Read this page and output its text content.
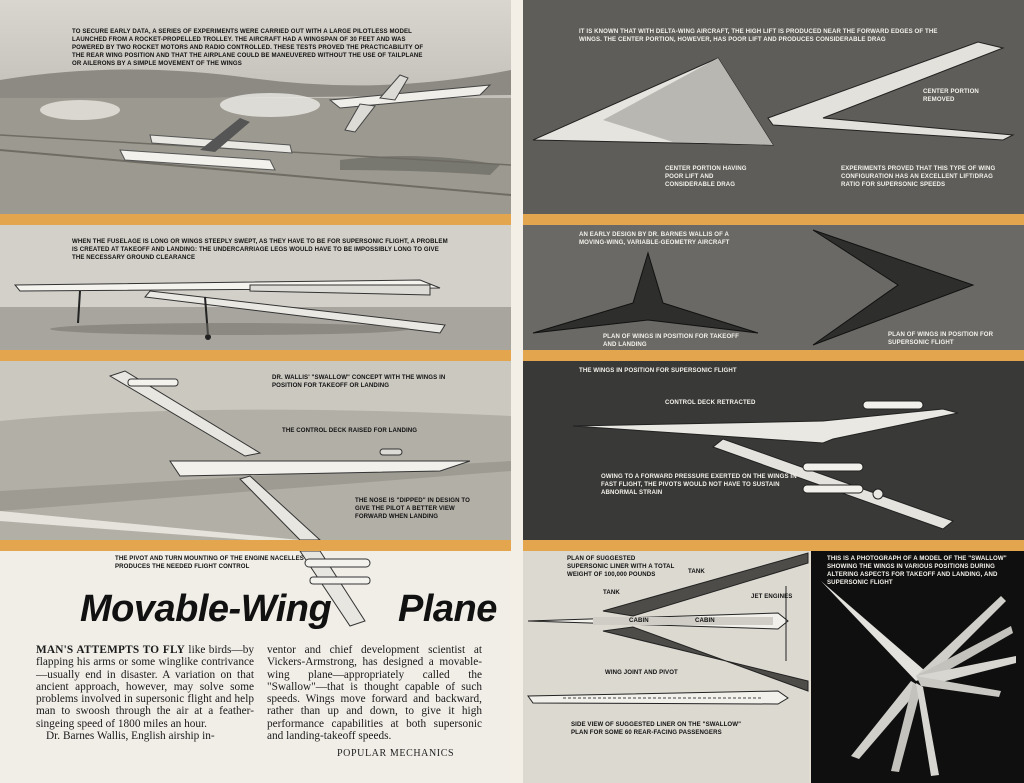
TO SECURE EARLY DATA, A SERIES OF EXPERIMENTS WERE CARRIED OUT WITH A LARGE PILOTLESS MODEL LAUNCHED FROM A ROCKET-PROPELLED TROLLEY. THE AIRCRAFT HAD A WINGSPAN OF 30 FEET AND WAS POWERED BY TWO ROCKET MOTORS AND RADIO CONTROLLED. THESE TESTS PROVED THE PRACTICABILITY OF THE REAR WING POSITION AND THAT THE AIRPLANE COULD BE MANEUVERED WITHOUT THE USE OF TAILPLANE OR AILERONS BY A SIMPLE MOVEMENT OF THE WINGS
WHEN THE FUSELAGE IS LONG OR WINGS STEEPLY SWEPT, AS THEY HAVE TO BE FOR SUPERSONIC FLIGHT, A PROBLEM IS CREATED AT TAKEOFF AND LANDING: THE UNDERCARRIAGE LEGS WOULD HAVE TO BE IMPOSSIBLY LONG TO GIVE THE NECESSARY GROUND CLEARANCE
DR. WALLIS' "SWALLOW" CONCEPT WITH THE WINGS IN POSITION FOR TAKEOFF OR LANDING
THE CONTROL DECK RAISED FOR LANDING
THE NOSE IS "DIPPED" IN DESIGN TO GIVE THE PILOT A BETTER VIEW FORWARD WHEN LANDING
THE PIVOT AND TURN MOUNTING OF THE ENGINE NACELLES PRODUCES THE NEEDED FLIGHT CONTROL
Movable-Wing Plane
MAN'S ATTEMPTS TO FLY like birds—by flapping his arms or some winglike contrivance—usually end in disaster. A variation on that ancient approach, however, may solve some problems involved in supersonic flight and help man to swoosh through the air at a feather-singeing speed of 1800 miles an hour.
Dr. Barnes Wallis, English airship in-
ventor and chief development scientist at Vickers-Armstrong, has designed a movable-wing plane—appropriately called the "Swallow"—that is thought capable of such speeds. Wings move forward and backward, rather than up and down, to give it high performance capabilities at both supersonic and landing-takeoff speeds.
POPULAR MECHANICS
IT IS KNOWN THAT WITH DELTA-WING AIRCRAFT, THE HIGH LIFT IS PRODUCED NEAR THE FORWARD EDGES OF THE WINGS. THE CENTER PORTION, HOWEVER, HAS POOR LIFT AND PRODUCES CONSIDERABLE DRAG
CENTER PORTION REMOVED
CENTER PORTION HAVING POOR LIFT AND CONSIDERABLE DRAG
EXPERIMENTS PROVED THAT THIS TYPE OF WING CONFIGURATION HAS AN EXCELLENT LIFT/DRAG RATIO FOR SUPERSONIC SPEEDS
AN EARLY DESIGN BY DR. BARNES WALLIS OF A MOVING-WING, VARIABLE-GEOMETRY AIRCRAFT
PLAN OF WINGS IN POSITION FOR TAKEOFF AND LANDING
PLAN OF WINGS IN POSITION FOR SUPERSONIC FLIGHT
THE WINGS IN POSITION FOR SUPERSONIC FLIGHT
CONTROL DECK RETRACTED
OWING TO A FORWARD PRESSURE EXERTED ON THE WINGS IN FAST FLIGHT, THE PIVOTS WOULD NOT HAVE TO SUSTAIN ABNORMAL STRAIN
PLAN OF SUGGESTED SUPERSONIC LINER WITH A TOTAL WEIGHT OF 100,000 POUNDS
TANK
TANK
JET ENGINES
CABIN	CABIN
WING JOINT AND PIVOT
SIDE VIEW OF SUGGESTED LINER ON THE "SWALLOW" PLAN FOR SOME 60 REAR-FACING PASSENGERS
THIS IS A PHOTOGRAPH OF A MODEL OF THE "SWALLOW" SHOWING THE WINGS IN VARIOUS POSITIONS DURING ALTERING ASPECTS FOR TAKEOFF AND LANDING, AND SUPERSONIC FLIGHT
